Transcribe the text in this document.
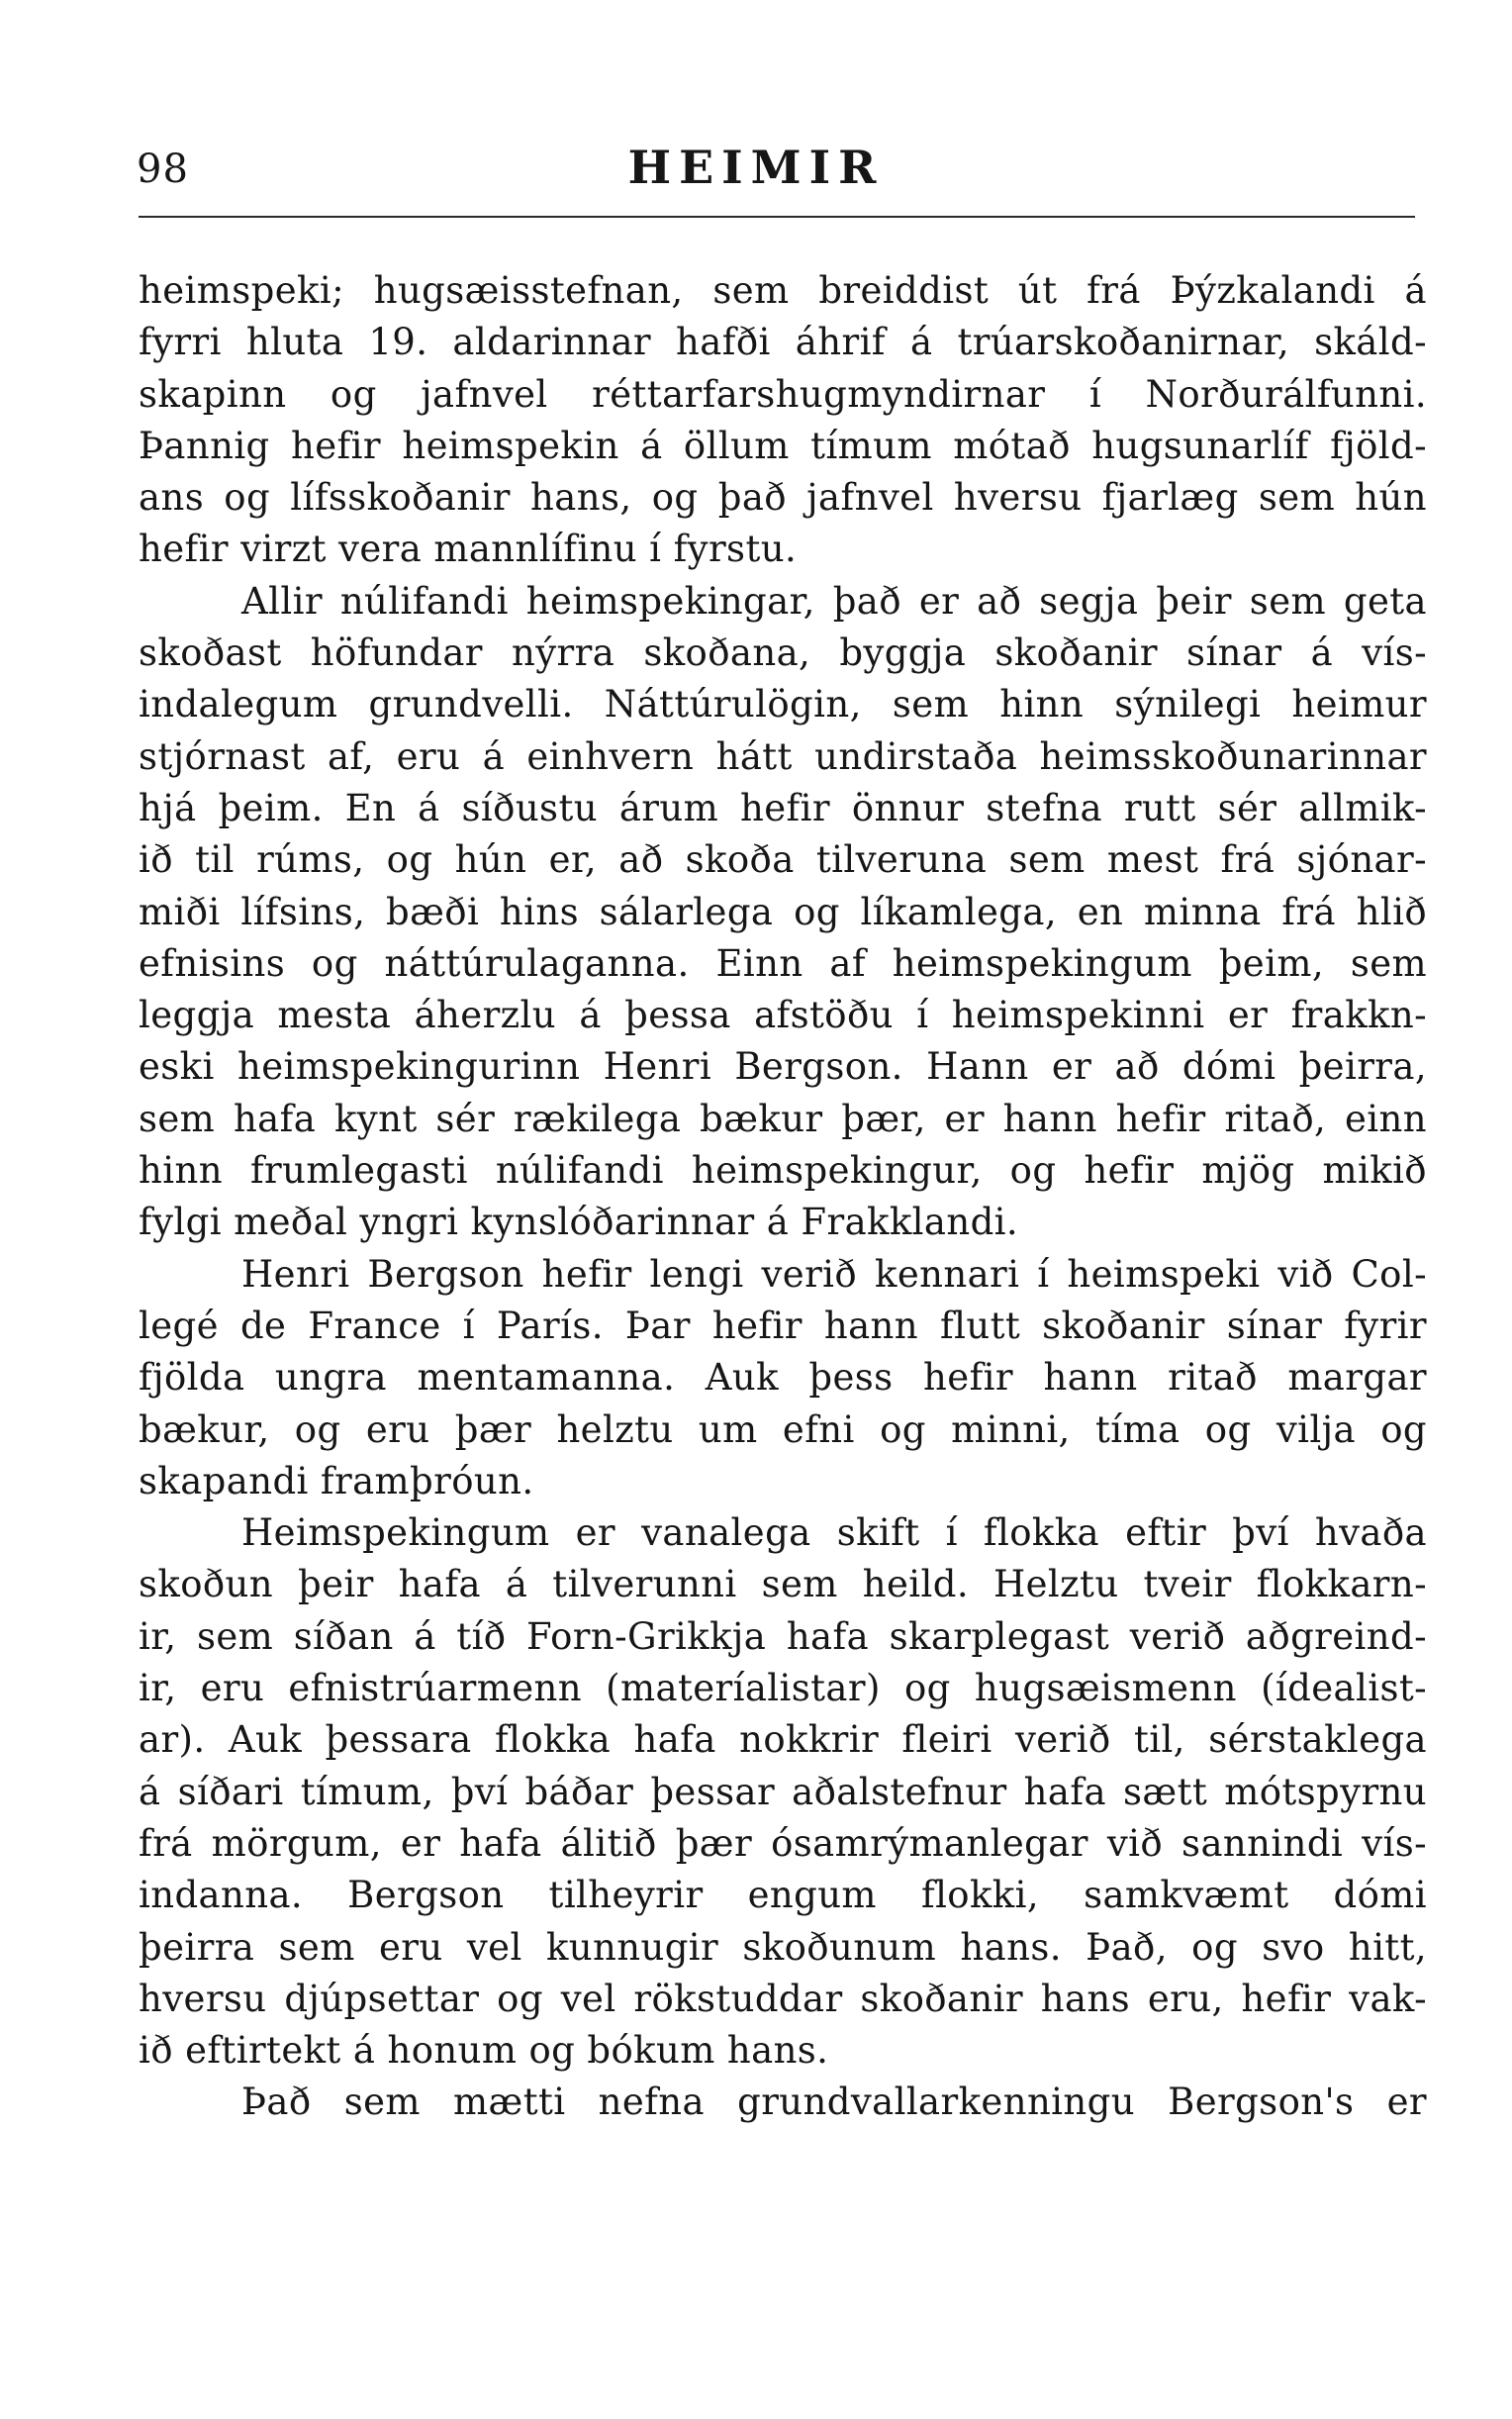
98	HEIMIR
heimspeki; hugsæisstefnan, sem breiddist út frá Þýzkalandi á
fyrri hluta 19. aldarinnar hafði áhrif á trúarskoðanirnar, skáld-
skapinn og jafnvel réttarfarshugmyndirnar í Norðurálfunni.
Þannig hefir heimspekin á öllum tímum mótað hugsunarlíf fjöld-
ans og lífsskoðanir hans, og það jafnvel hversu fjarlæg sem hún
hefir virzt vera mannlífinu í fyrstu.
Allir núlifandi heimspekingar, það er að segja þeir sem geta
skoðast höfundar nýrra skoðana, byggja skoðanir sínar á vís-
indalegum grundvelli. Náttúrulögin, sem hinn sýnilegi heimur
stjórnast af, eru á einhvern hátt undirstaða heimsskoðunarinnar
hjá þeim. En á síðustu árum hefir önnur stefna rutt sér allmik-
ið til rúms, og hún er, að skoða tilveruna sem mest frá sjónar-
miði lífsins, bæði hins sálarlega og líkamlega, en minna frá hlið
efnisins og náttúrulaganna. Einn af heimspekingum þeim, sem
leggja mesta áherzlu á þessa afstöðu í heimspekinni er frakkn-
eski heimspekingurinn Henri Bergson. Hann er að dómi þeirra,
sem hafa kynt sér rækilega bækur þær, er hann hefir ritað, einn
hinn frumlegasti núlifandi heimspekingur, og hefir mjög mikið
fylgi meðal yngri kynslóðarinnar á Frakklandi.
Henri Bergson hefir lengi verið kennari í heimspeki við Col-
legé de France í París. Þar hefir hann flutt skoðanir sínar fyrir
fjölda ungra mentamanna. Auk þess hefir hann ritað margar
bækur, og eru þær helztu um efni og minni, tíma og vilja og
skapandi framþróun.
Heimspekingum er vanalega skift í flokka eftir því hvaða
skoðun þeir hafa á tilverunni sem heild. Helztu tveir flokkarn-
ir, sem síðan á tíð Forn-Grikkja hafa skarplegast verið aðgreind-
ir, eru efnistrúarmenn (materíalistar) og hugsæismenn (ídealist-
ar). Auk þessara flokka hafa nokkrir fleiri verið til, sérstaklega
á síðari tímum, því báðar þessar aðalstefnur hafa sætt mótspyrnu
frá mörgum, er hafa álitið þær ósamrýmanlegar við sannindi vís-
indanna. Bergson tilheyrir engum flokki, samkvæmt dómi
þeirra sem eru vel kunnugir skoðunum hans. Það, og svo hitt,
hversu djúpsettar og vel rökstuddar skoðanir hans eru, hefir vak-
ið eftirtekt á honum og bókum hans.
Það sem mætti nefna grundvallarkenningu Bergson's er
